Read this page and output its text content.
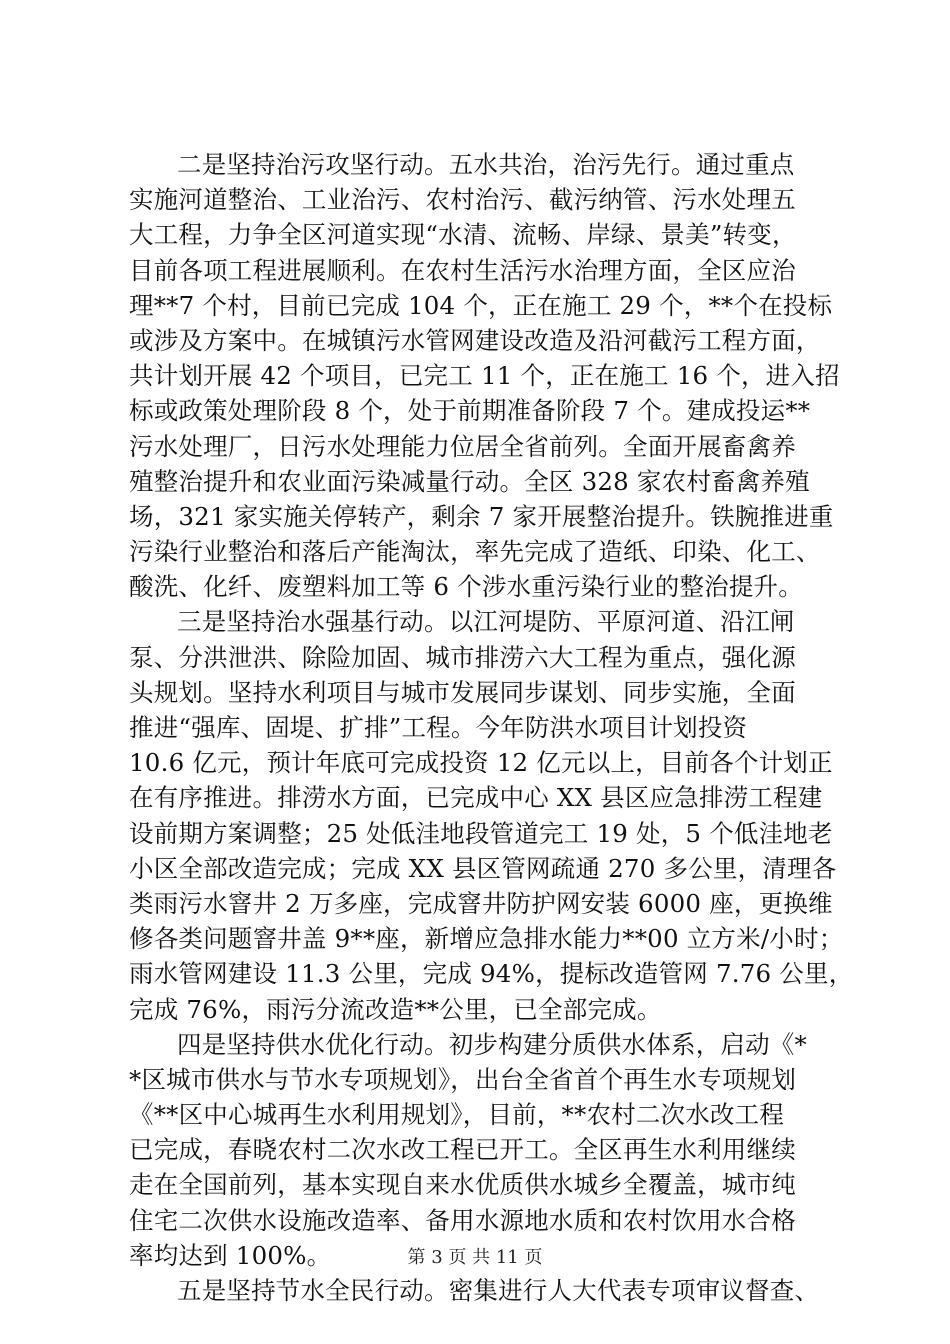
二是坚持治污攻坚行动。五水共治，治污先行。通过重点
实施河道整治、工业治污、农村治污、截污纳管、污水处理五
大工程，力争全区河道实现“水清、流畅、岸绿、景美”转变，
目前各项工程进展顺利。在农村生活污水治理方面，全区应治
理**7 个村，目前已完成 104 个，正在施工 29 个，**个在投标
或涉及方案中。在城镇污水管网建设改造及沿河截污工程方面，
共计划开展 42 个项目，已完工 11 个，正在施工 16 个，进入招
标或政策处理阶段 8 个，处于前期准备阶段 7 个。建成投运**
污水处理厂，日污水处理能力位居全省前列。全面开展畜禽养
殖整治提升和农业面污染减量行动。全区 328 家农村畜禽养殖
场，321 家实施关停转产，剩余 7 家开展整治提升。铁腕推进重
污染行业整治和落后产能淘汰，率先完成了造纸、印染、化工、
酸洗、化纤、废塑料加工等 6 个涉水重污染行业的整治提升。
三是坚持治水强基行动。以江河堤防、平原河道、沿江闸
泵、分洪泄洪、除险加固、城市排涝六大工程为重点，强化源
头规划。坚持水利项目与城市发展同步谋划、同步实施，全面
推进“强库、固堤、扩排”工程。今年防洪水项目计划投资
10.6 亿元，预计年底可完成投资 12 亿元以上，目前各个计划正
在有序推进。排涝水方面，已完成中心 XX 县区应急排涝工程建
设前期方案调整；25 处低洼地段管道完工 19 处，5 个低洼地老
小区全部改造完成；完成 XX 县区管网疏通 270 多公里，清理各
类雨污水窨井 2 万多座，完成窨井防护网安装 6000 座，更换维
修各类问题窨井盖 9**座，新增应急排水能力**00 立方米/小时；
雨水管网建设 11.3 公里，完成 94%，提标改造管网 7.76 公里，
完成 76%，雨污分流改造**公里，已全部完成。
四是坚持供水优化行动。初步构建分质供水体系，启动《*
*区城市供水与节水专项规划》，出台全省首个再生水专项规划
《**区中心城再生水利用规划》，目前，**农村二次水改工程
已完成，春晓农村二次水改工程已开工。全区再生水利用继续
走在全国前列，基本实现自来水优质供水城乡全覆盖，城市纯
住宅二次供水设施改造率、备用水源地水质和农村饮用水合格
率均达到 100%。
五是坚持节水全民行动。密集进行人大代表专项审议督查、
第 3 页 共 11 页
